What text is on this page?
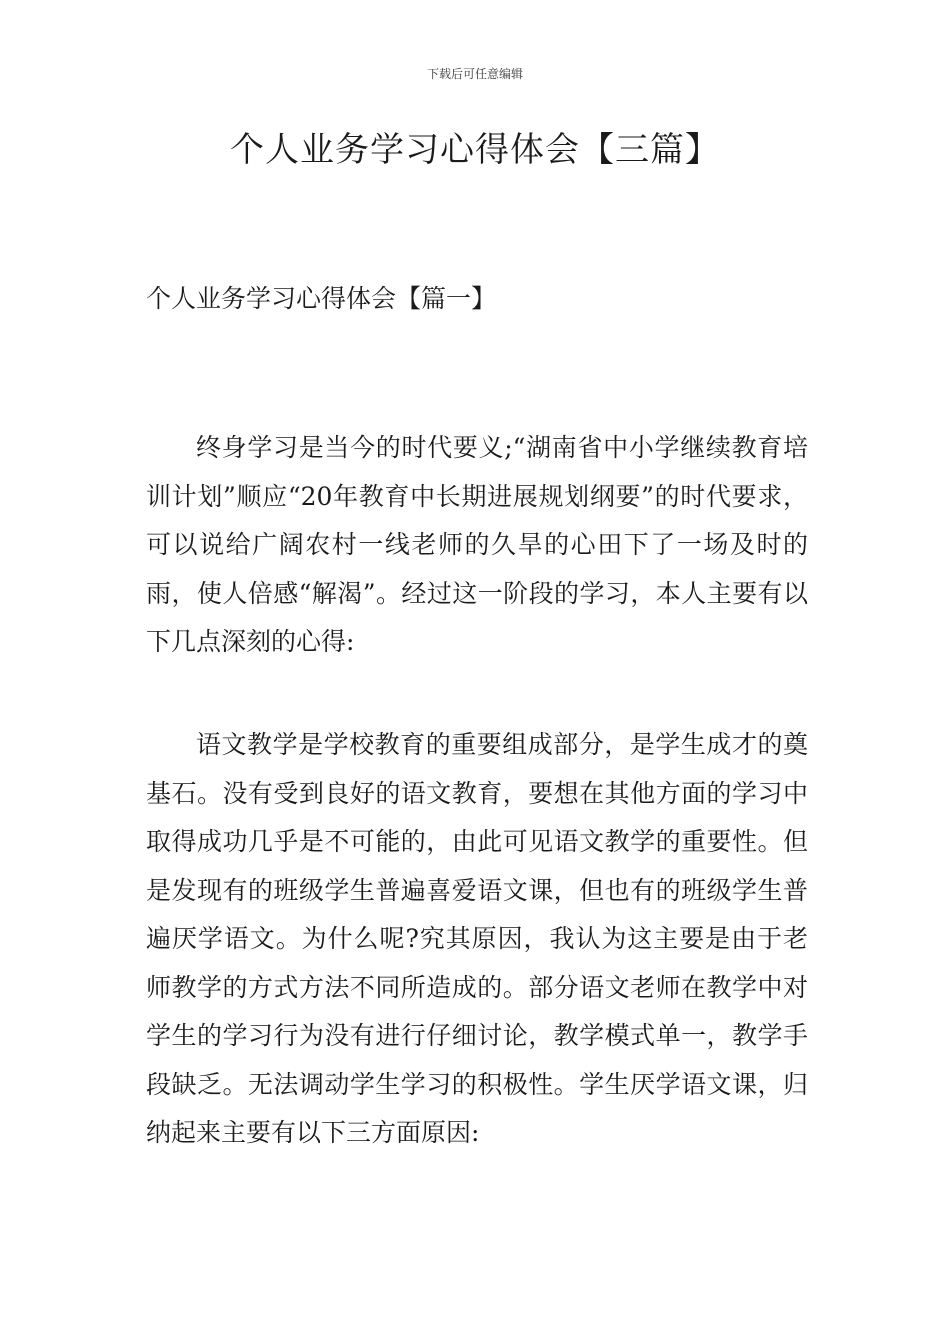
下载后可任意编辑
个人业务学习心得体会【三篇】
个人业务学习心得体会【篇一】

终身学习是当今的时代要义;“湖南省中小学继续教育培训计划”顺应“20年教育中长期进展规划纲要”的时代要求，可以说给广阔农村一线老师的久旱的心田下了一场及时的雨，使人倍感“解渴”。经过这一阶段的学习，本人主要有以下几点深刻的心得:

语文教学是学校教育的重要组成部分，是学生成才的奠基石。没有受到良好的语文教育，要想在其他方面的学习中取得成功几乎是不可能的，由此可见语文教学的重要性。但是发现有的班级学生普遍喜爱语文课，但也有的班级学生普遍厌学语文。为什么呢?究其原因，我认为这主要是由于老师教学的方式方法不同所造成的。部分语文老师在教学中对学生的学习行为没有进行仔细讨论，教学模式单一，教学手段缺乏。无法调动学生学习的积极性。学生厌学语文课，归纳起来主要有以下三方面原因:
